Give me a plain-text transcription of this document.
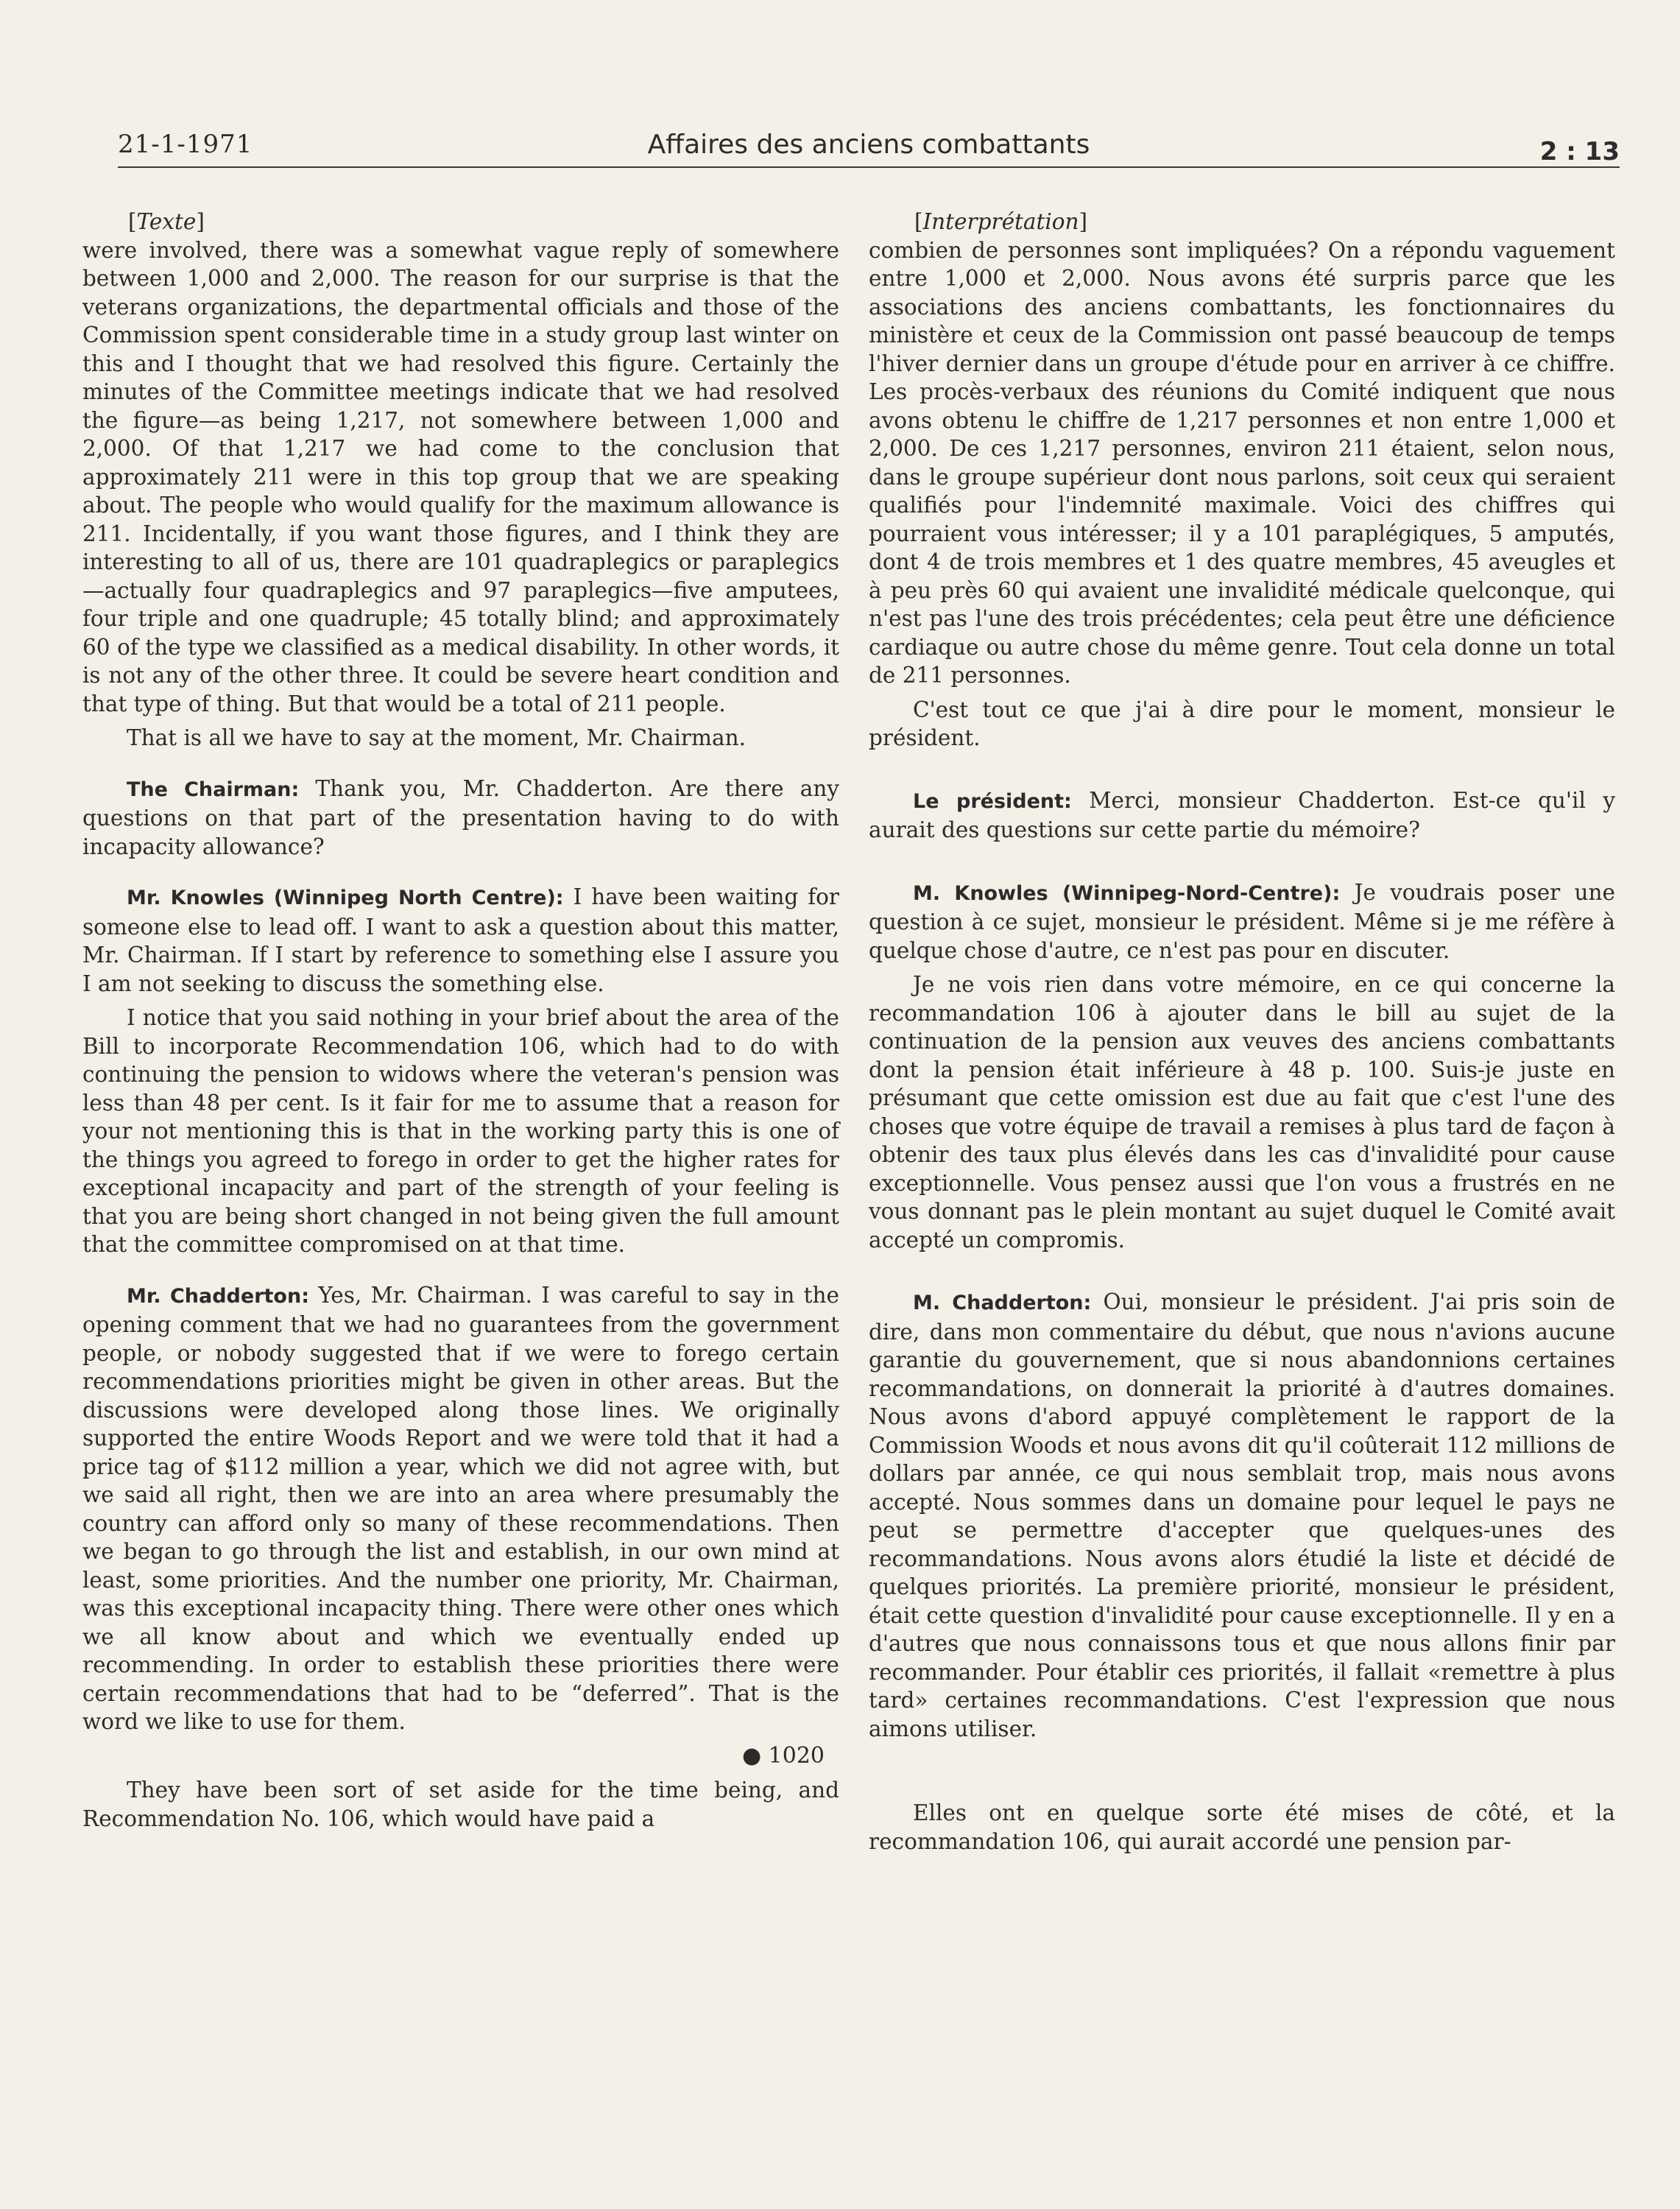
21-1-1971	Affaires des anciens combattants	2 : 13

[Texte]

were involved, there was a somewhat vague reply of somewhere between 1,000 and 2,000. The reason for our surprise is that the veterans organizations, the departmental officials and those of the Commission spent considerable time in a study group last winter on this and I thought that we had resolved this figure. Certainly the minutes of the Committee meetings indicate that we had resolved the figure—as being 1,217, not somewhere between 1,000 and 2,000. Of that 1,217 we had come to the conclusion that approximately 211 were in this top group that we are speaking about. The people who would qualify for the maximum allowance is 211. Incidentally, if you want those figures, and I think they are interesting to all of us, there are 101 quadraplegics or paraplegics—actually four quadraplegics and 97 paraplegics—five amputees, four triple and one quadruple; 45 totally blind; and approximately 60 of the type we classified as a medical disability. In other words, it is not any of the other three. It could be severe heart condition and that type of thing. But that would be a total of 211 people.

That is all we have to say at the moment, Mr. Chairman.

The Chairman: Thank you, Mr. Chadderton. Are there any questions on that part of the presentation having to do with incapacity allowance?

Mr. Knowles (Winnipeg North Centre): I have been waiting for someone else to lead off. I want to ask a question about this matter, Mr. Chairman. If I start by reference to something else I assure you I am not seeking to discuss the something else.

I notice that you said nothing in your brief about the area of the Bill to incorporate Recommendation 106, which had to do with continuing the pension to widows where the veteran's pension was less than 48 per cent. Is it fair for me to assume that a reason for your not mentioning this is that in the working party this is one of the things you agreed to forego in order to get the higher rates for exceptional incapacity and part of the strength of your feeling is that you are being short changed in not being given the full amount that the committee compromised on at that time.

Mr. Chadderton: Yes, Mr. Chairman. I was careful to say in the opening comment that we had no guarantees from the government people, or nobody suggested that if we were to forego certain recommendations priorities might be given in other areas. But the discussions were developed along those lines. We originally supported the entire Woods Report and we were told that it had a price tag of $112 million a year, which we did not agree with, but we said all right, then we are into an area where presumably the country can afford only so many of these recommendations. Then we began to go through the list and establish, in our own mind at least, some priorities. And the number one priority, Mr. Chairman, was this exceptional incapacity thing. There were other ones which we all know about and which we eventually ended up recommending. In order to establish these priorities there were certain recommendations that had to be “deferred”. That is the word we like to use for them.

● 1020

They have been sort of set aside for the time being, and Recommendation No. 106, which would have paid a

[Interprétation]

combien de personnes sont impliquées? On a répondu vaguement entre 1,000 et 2,000. Nous avons été surpris parce que les associations des anciens combattants, les fonctionnaires du ministère et ceux de la Commission ont passé beaucoup de temps l'hiver dernier dans un groupe d'étude pour en arriver à ce chiffre. Les procès-verbaux des réunions du Comité indiquent que nous avons obtenu le chiffre de 1,217 personnes et non entre 1,000 et 2,000. De ces 1,217 personnes, environ 211 étaient, selon nous, dans le groupe supérieur dont nous parlons, soit ceux qui seraient qualifiés pour l'indemnité maximale. Voici des chiffres qui pourraient vous intéresser; il y a 101 paraplégiques, 5 amputés, dont 4 de trois membres et 1 des quatre membres, 45 aveugles et à peu près 60 qui avaient une invalidité médicale quelconque, qui n'est pas l'une des trois précédentes; cela peut être une déficience cardiaque ou autre chose du même genre. Tout cela donne un total de 211 personnes.

C'est tout ce que j'ai à dire pour le moment, monsieur le président.

Le président: Merci, monsieur Chadderton. Est-ce qu'il y aurait des questions sur cette partie du mémoire?

M. Knowles (Winnipeg-Nord-Centre): Je voudrais poser une question à ce sujet, monsieur le président. Même si je me réfère à quelque chose d'autre, ce n'est pas pour en discuter.

Je ne vois rien dans votre mémoire, en ce qui concerne la recommandation 106 à ajouter dans le bill au sujet de la continuation de la pension aux veuves des anciens combattants dont la pension était inférieure à 48 p. 100. Suis-je juste en présumant que cette omission est due au fait que c'est l'une des choses que votre équipe de travail a remises à plus tard de façon à obtenir des taux plus élevés dans les cas d'invalidité pour cause exceptionnelle. Vous pensez aussi que l'on vous a frustrés en ne vous donnant pas le plein montant au sujet duquel le Comité avait accepté un compromis.

M. Chadderton: Oui, monsieur le président. J'ai pris soin de dire, dans mon commentaire du début, que nous n'avions aucune garantie du gouvernement, que si nous abandonnions certaines recommandations, on donnerait la priorité à d'autres domaines. Nous avons d'abord appuyé complètement le rapport de la Commission Woods et nous avons dit qu'il coûterait 112 millions de dollars par année, ce qui nous semblait trop, mais nous avons accepté. Nous sommes dans un domaine pour lequel le pays ne peut se permettre d'accepter que quelques-unes des recommandations. Nous avons alors étudié la liste et décidé de quelques priorités. La première priorité, monsieur le président, était cette question d'invalidité pour cause exceptionnelle. Il y en a d'autres que nous connaissons tous et que nous allons finir par recommander. Pour établir ces priorités, il fallait «remettre à plus tard» certaines recommandations. C'est l'expression que nous aimons utiliser.

Elles ont en quelque sorte été mises de côté, et la recommandation 106, qui aurait accordé une pension par-
